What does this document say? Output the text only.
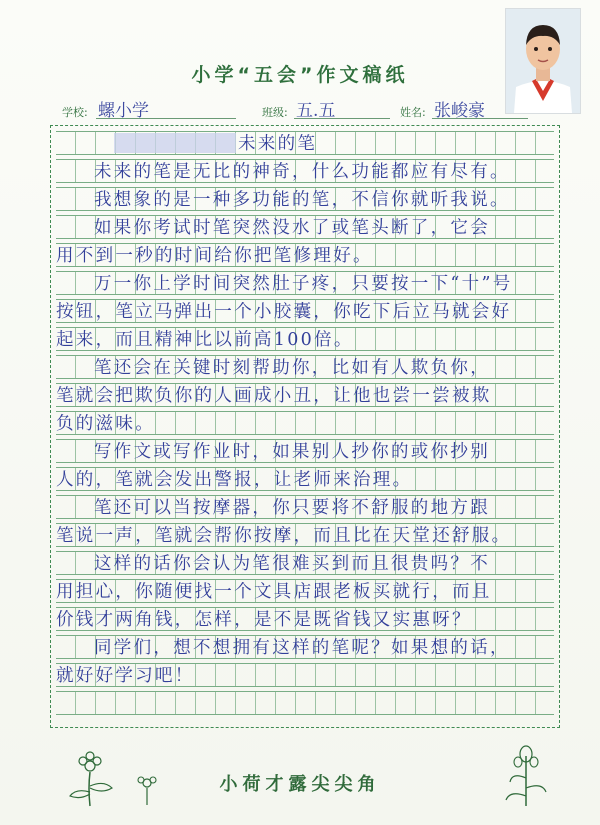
小学“五会”作文稿纸
学校: 螺小学	班级: 五.五	姓名: 张峻豪
未来的笔
未来的笔是无比的神奇，什么功能都应有尽有。
我想象的是一种多功能的笔，不信你就听我说。
如果你考试时笔突然没水了或笔头断了，它会
用不到一秒的时间给你把笔修理好。
万一你上学时间突然肚子疼，只要按一下“十”号
按钮，笔立马弹出一个小胶囊，你吃下后立马就会好
起来，而且精神比以前高100倍。
笔还会在关键时刻帮助你，比如有人欺负你，
笔就会把欺负你的人画成小丑，让他也尝一尝被欺
负的滋味。
写作文或写作业时，如果别人抄你的或你抄别
人的，笔就会发出警报，让老师来治理。
笔还可以当按摩器，你只要将不舒服的地方跟
笔说一声，笔就会帮你按摩，而且比在天堂还舒服。
这样的话你会认为笔很难买到而且很贵吗？不
用担心，你随便找一个文具店跟老板买就行，而且
价钱才两角钱，怎样，是不是既省钱又实惠呀？
同学们，想不想拥有这样的笔呢？如果想的话，
就好好学习吧！
小荷才露尖尖角
